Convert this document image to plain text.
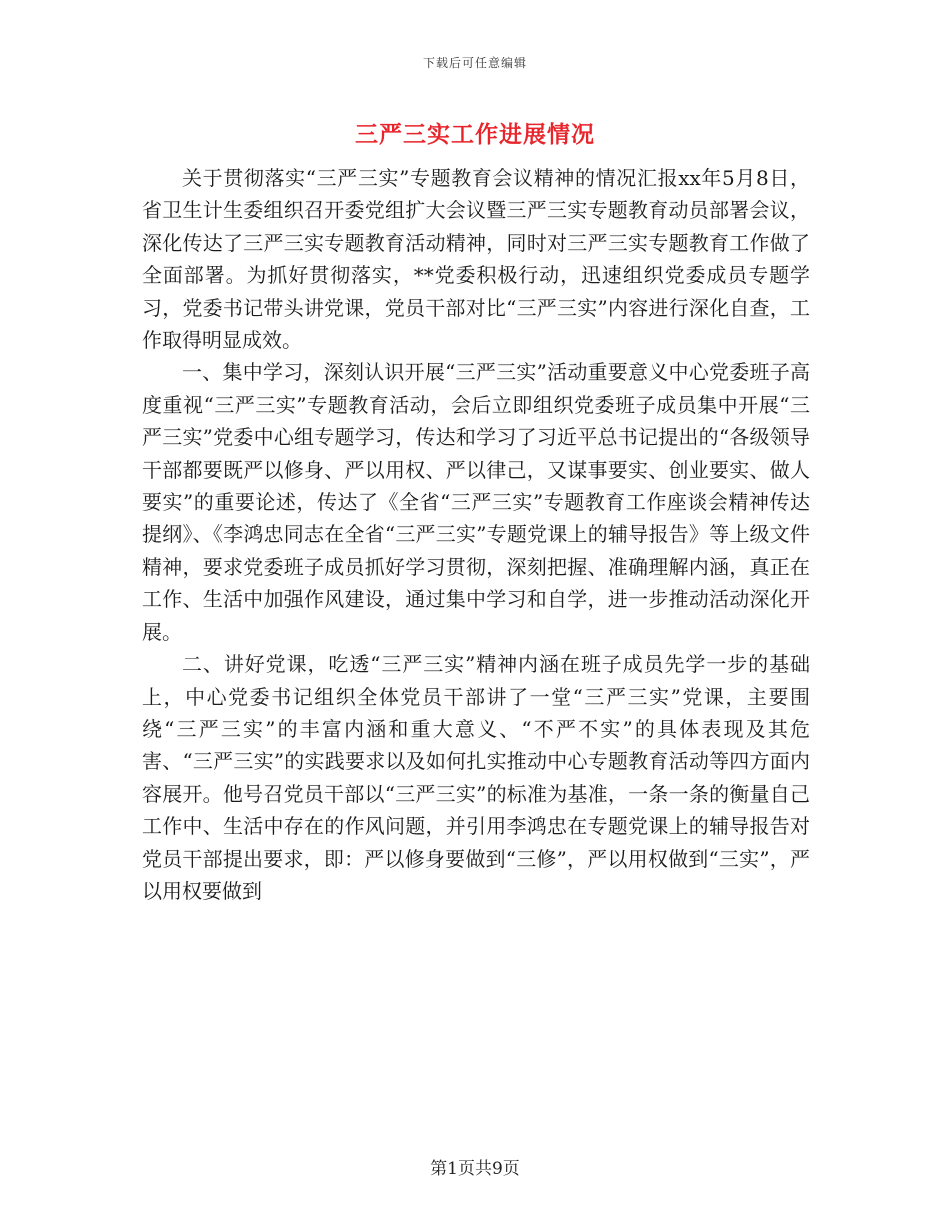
下载后可任意编辑
三严三实工作进展情况

关于贯彻落实“三严三实”专题教育会议精神的情况汇报xx年5月8日，省卫生计生委组织召开委党组扩大会议暨三严三实专题教育动员部署会议，深化传达了三严三实专题教育活动精神，同时对三严三实专题教育工作做了全面部署。为抓好贯彻落实，**党委积极行动，迅速组织党委成员专题学习，党委书记带头讲党课，党员干部对比“三严三实”内容进行深化自查，工作取得明显成效。

一、集中学习，深刻认识开展“三严三实”活动重要意义中心党委班子高度重视“三严三实”专题教育活动，会后立即组织党委班子成员集中开展“三严三实”党委中心组专题学习，传达和学习了习近平总书记提出的“各级领导干部都要既严以修身、严以用权、严以律己，又谋事要实、创业要实、做人要实”的重要论述，传达了《全省“三严三实”专题教育工作座谈会精神传达提纲》、《李鸿忠同志在全省“三严三实”专题党课上的辅导报告》等上级文件精神，要求党委班子成员抓好学习贯彻，深刻把握、准确理解内涵，真正在工作、生活中加强作风建设，通过集中学习和自学，进一步推动活动深化开展。

二、讲好党课，吃透“三严三实”精神内涵在班子成员先学一步的基础上，中心党委书记组织全体党员干部讲了一堂“三严三实”党课，主要围绕“三严三实”的丰富内涵和重大意义、“不严不实”的具体表现及其危害、“三严三实”的实践要求以及如何扎实推动中心专题教育活动等四方面内容展开。他号召党员干部以“三严三实”的标准为基准，一条一条的衡量自己工作中、生活中存在的作风问题，并引用李鸿忠在专题党课上的辅导报告对党员干部提出要求，即：严以修身要做到“三修”，严以用权做到“三实”，严以用权要做到

第1页共9页
